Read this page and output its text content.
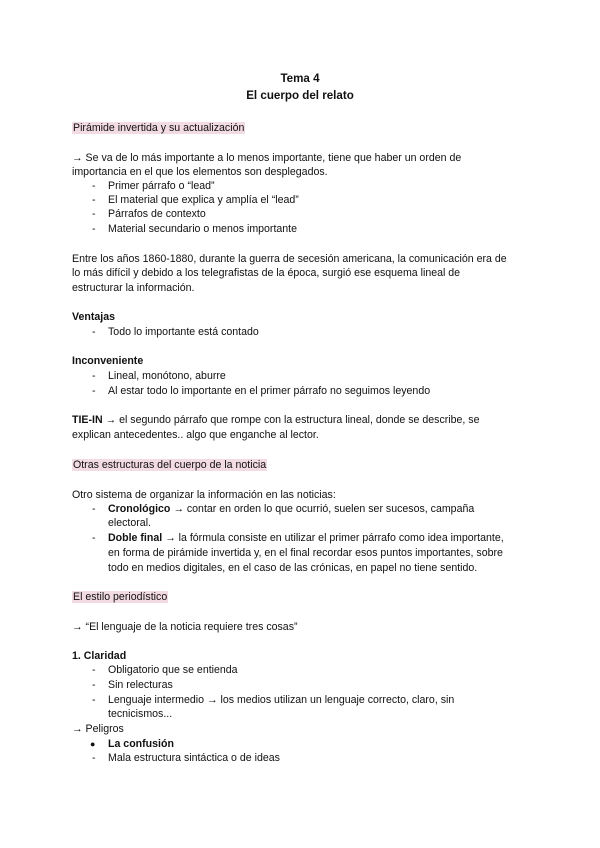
Tema 4
El cuerpo del relato
Pirámide invertida y su actualización
→ Se va de lo más importante a lo menos importante, tiene que haber un orden de
importancia en el que los elementos son desplegados.
- Primer párrafo o “lead”
- El material que explica y amplía el “lead”
- Párrafos de contexto
- Material secundario o menos importante
Entre los años 1860-1880, durante la guerra de secesión americana, la comunicación era de
lo más difícil y debido a los telegrafistas de la época, surgió ese esquema lineal de
estructurar la información.
Ventajas
- Todo lo importante está contado
Inconveniente
- Lineal, monótono, aburre
- Al estar todo lo importante en el primer párrafo no seguimos leyendo
TIE-IN → el segundo párrafo que rompe con la estructura lineal, donde se describe, se
explican antecedentes.. algo que enganche al lector.
Otras estructuras del cuerpo de la noticia
Otro sistema de organizar la información en las noticias:
- Cronológico → contar en orden lo que ocurrió, suelen ser sucesos, campaña
electoral.
- Doble final → la fórmula consiste en utilizar el primer párrafo como idea importante,
en forma de pirámide invertida y, en el final recordar esos puntos importantes, sobre
todo en medios digitales, en el caso de las crónicas, en papel no tiene sentido.
El estilo periodístico
→ “El lenguaje de la noticia requiere tres cosas”
1. Claridad
- Obligatorio que se entienda
- Sin relecturas
- Lenguaje intermedio → los medios utilizan un lenguaje correcto, claro, sin
tecnicismos...
→ Peligros
● La confusión
- Mala estructura sintáctica o de ideas
